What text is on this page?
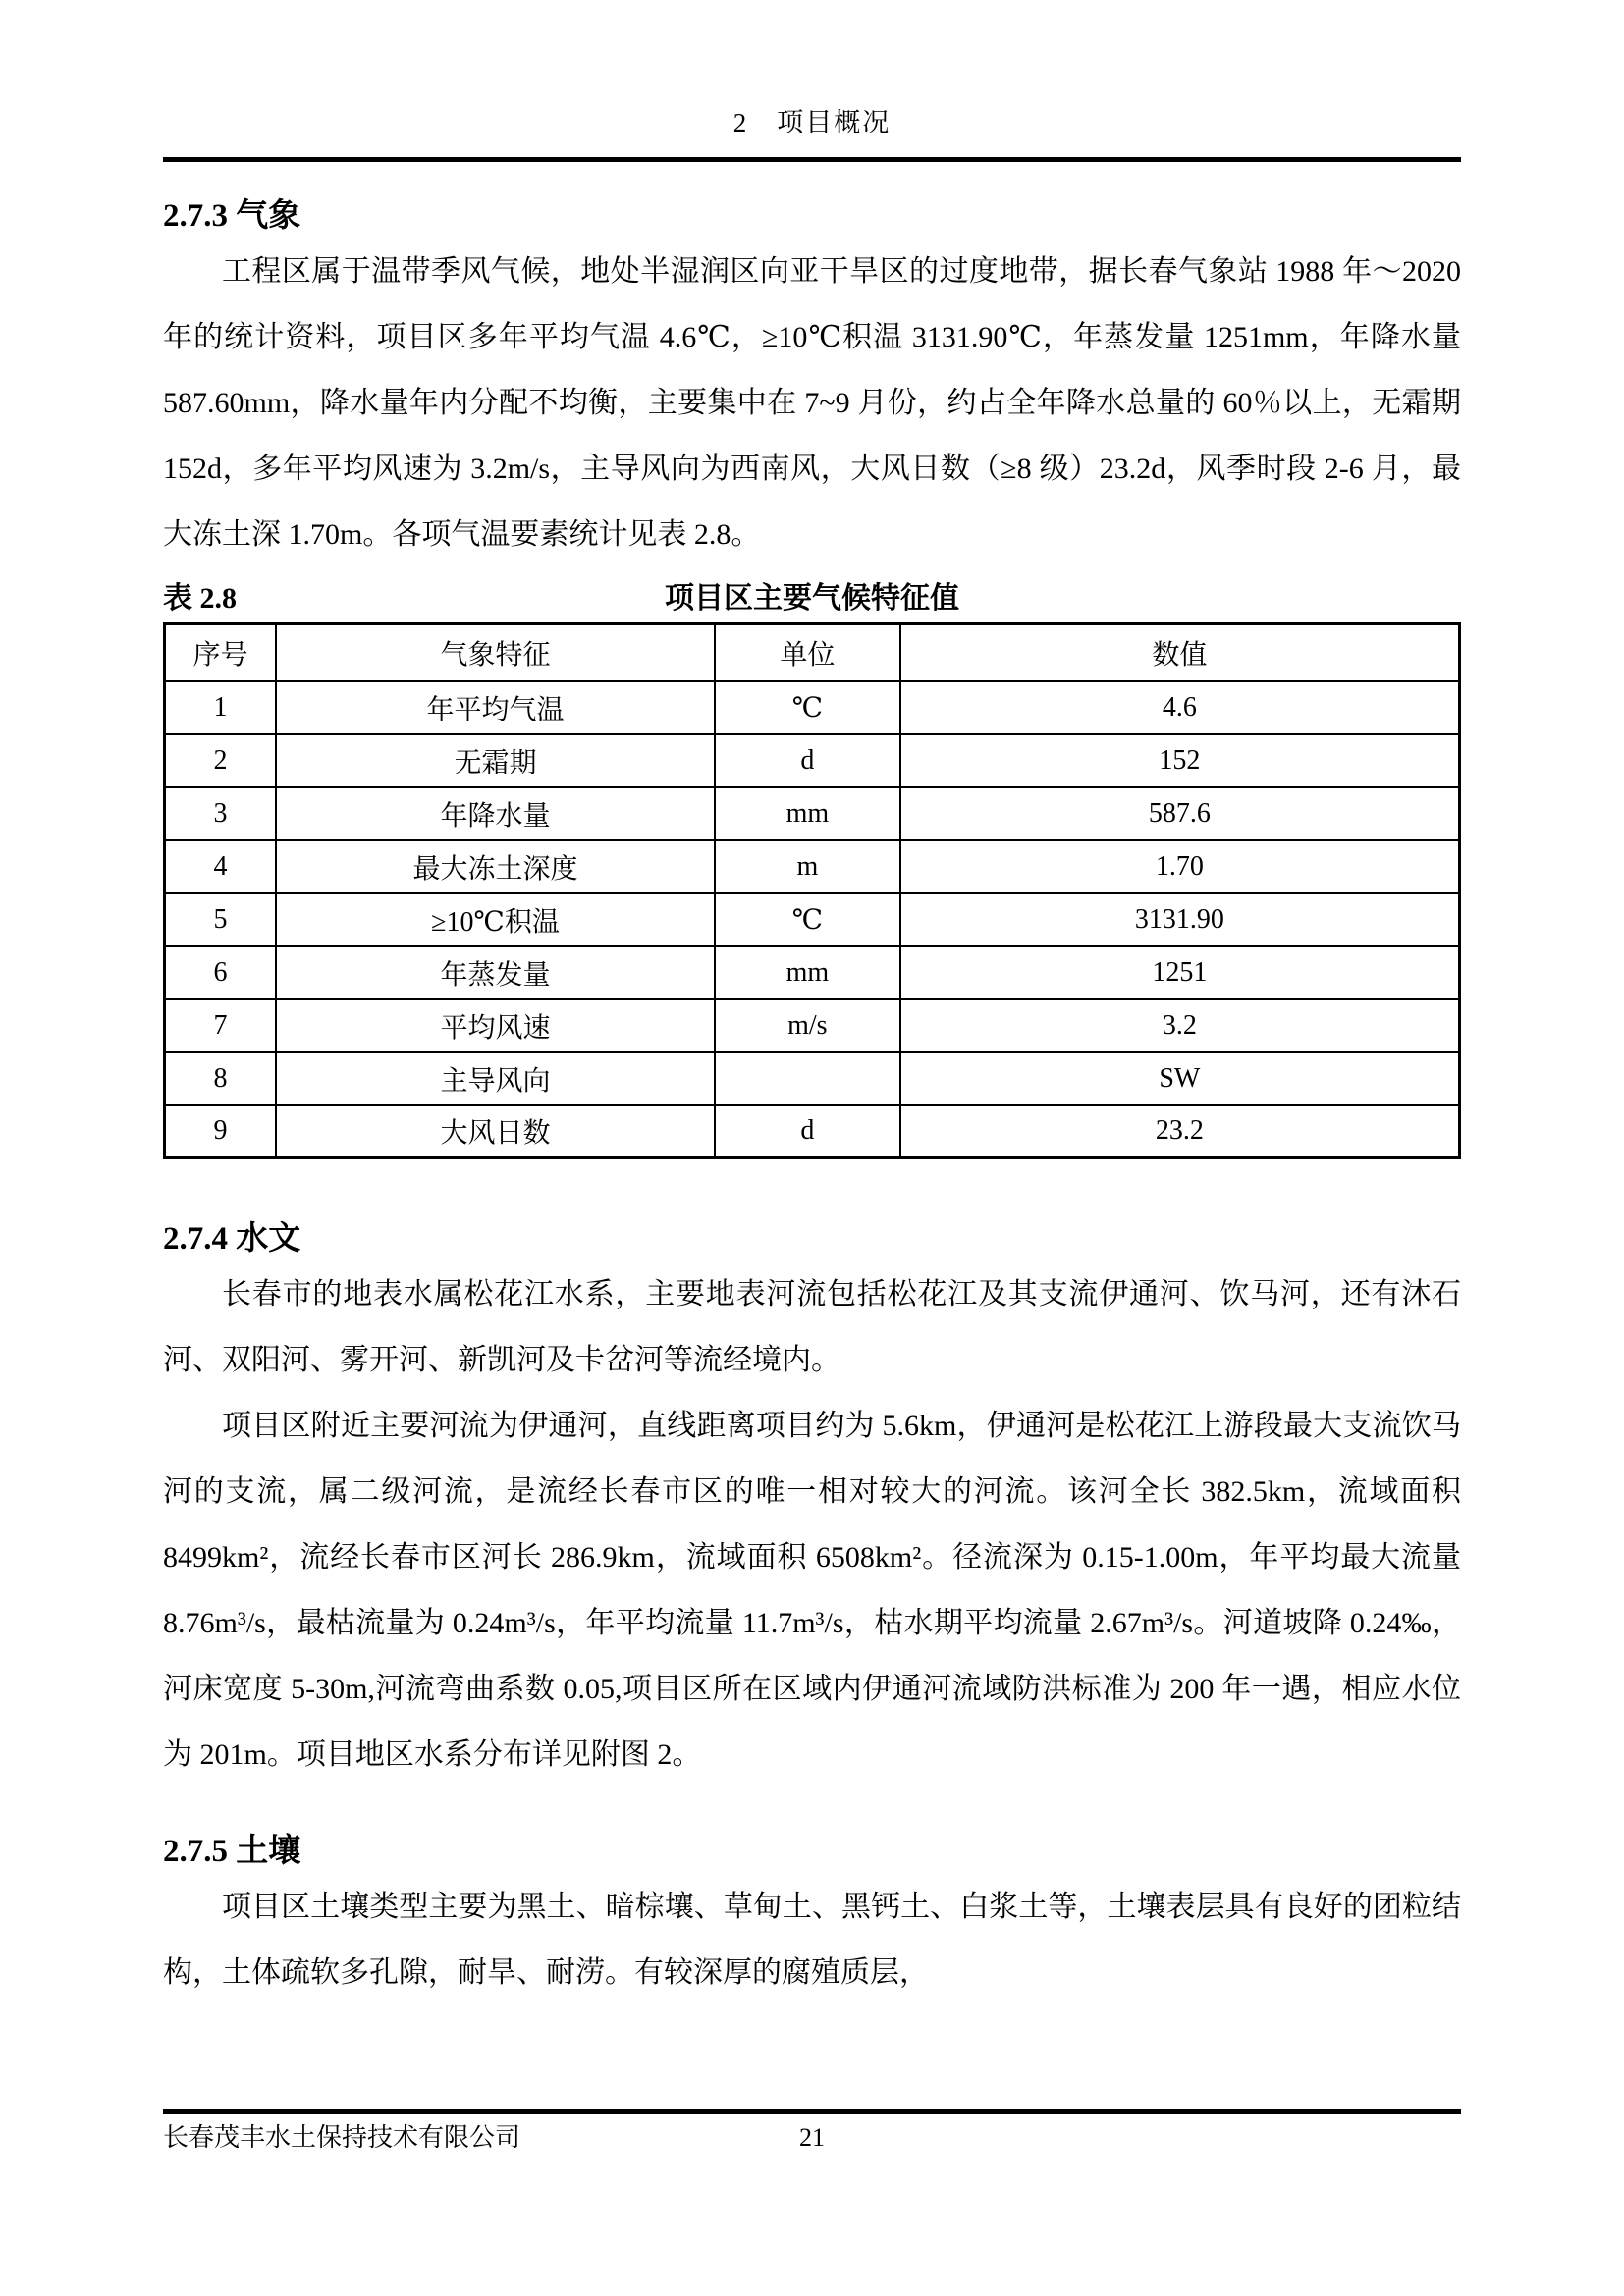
2　项目概况
2.7.3 气象

工程区属于温带季风气候，地处半湿润区向亚干旱区的过度地带，据长春气象站 1988 年～2020 年的统计资料，项目区多年平均气温 4.6℃，≥10℃积温 3131.90℃，年蒸发量 1251mm，年降水量 587.60mm，降水量年内分配不均衡，主要集中在 7~9 月份，约占全年降水总量的 60％以上，无霜期 152d，多年平均风速为 3.2m/s，主导风向为西南风，大风日数（≥8 级）23.2d，风季时段 2-6 月，最大冻土深 1.70m。各项气温要素统计见表 2.8。

表 2.8	项目区主要气候特征值
序号	气象特征	单位	数值
1	年平均气温	℃	4.6
2	无霜期	d	152
3	年降水量	mm	587.6
4	最大冻土深度	m	1.70
5	≥10℃积温	℃	3131.90
6	年蒸发量	mm	1251
7	平均风速	m/s	3.2
8	主导风向		SW
9	大风日数	d	23.2
2.7.4 水文

长春市的地表水属松花江水系，主要地表河流包括松花江及其支流伊通河、饮马河，还有沐石河、双阳河、雾开河、新凯河及卡岔河等流经境内。

项目区附近主要河流为伊通河，直线距离项目约为 5.6km，伊通河是松花江上游段最大支流饮马河的支流，属二级河流，是流经长春市区的唯一相对较大的河流。该河全长 382.5km，流域面积 8499km²，流经长春市区河长 286.9km，流域面积 6508km²。径流深为 0.15-1.00m，年平均最大流量 8.76m³/s，最枯流量为 0.24m³/s，年平均流量 11.7m³/s，枯水期平均流量 2.67m³/s。河道坡降 0.24‰，河床宽度 5-30m,河流弯曲系数 0.05,项目区所在区域内伊通河流域防洪标准为 200 年一遇，相应水位为 201m。项目地区水系分布详见附图 2。

2.7.5 土壤

项目区土壤类型主要为黑土、暗棕壤、草甸土、黑钙土、白浆土等，土壤表层具有良好的团粒结构，土体疏软多孔隙，耐旱、耐涝。有较深厚的腐殖质层，

长春茂丰水土保持技术有限公司	21
